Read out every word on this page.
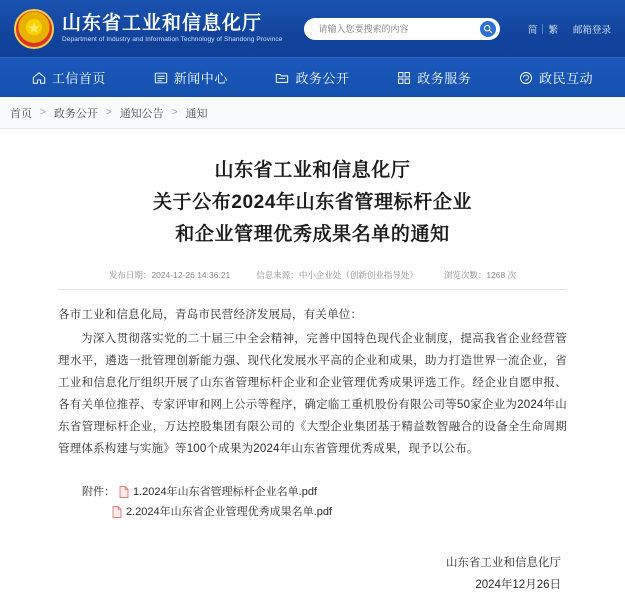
★
山东省工业和信息化厅
Department of Industry and Information Technology of Shandong Province
请输入您要搜索的内容
简	繁	邮箱登录
工信首页	新闻中心	政务公开	政务服务	政民互动
首页 > 政务公开 > 通知公告 > 通知
山东省工业和信息化厅
关于公布2024年山东省管理标杆企业
和企业管理优秀成果名单的通知
发布日期：2024-12-26 14:36:21	信息来源：中小企业处（创新创业指导处）	浏览次数：1268 次

各市工业和信息化局，青岛市民营经济发展局，有关单位：

为深入贯彻落实党的二十届三中全会精神，完善中国特色现代企业制度，提高我省企业经营管理水平，遴选一批管理创新能力强、现代化发展水平高的企业和成果，助力打造世界一流企业，省工业和信息化厅组织开展了山东省管理标杆企业和企业管理优秀成果评选工作。经企业自愿申报、各有关单位推荐、专家评审和网上公示等程序，确定临工重机股份有限公司等50家企业为2024年山东省管理标杆企业，万达控股集团有限公司的《大型企业集团基于精益数智融合的设备全生命周期管理体系构建与实施》等100个成果为2024年山东省管理优秀成果，现予以公布。

附件： 1.2024年山东省管理标杆企业名单.pdf
2.2024年山东省企业管理优秀成果名单.pdf
山东省工业和信息化厅
2024年12月26日
